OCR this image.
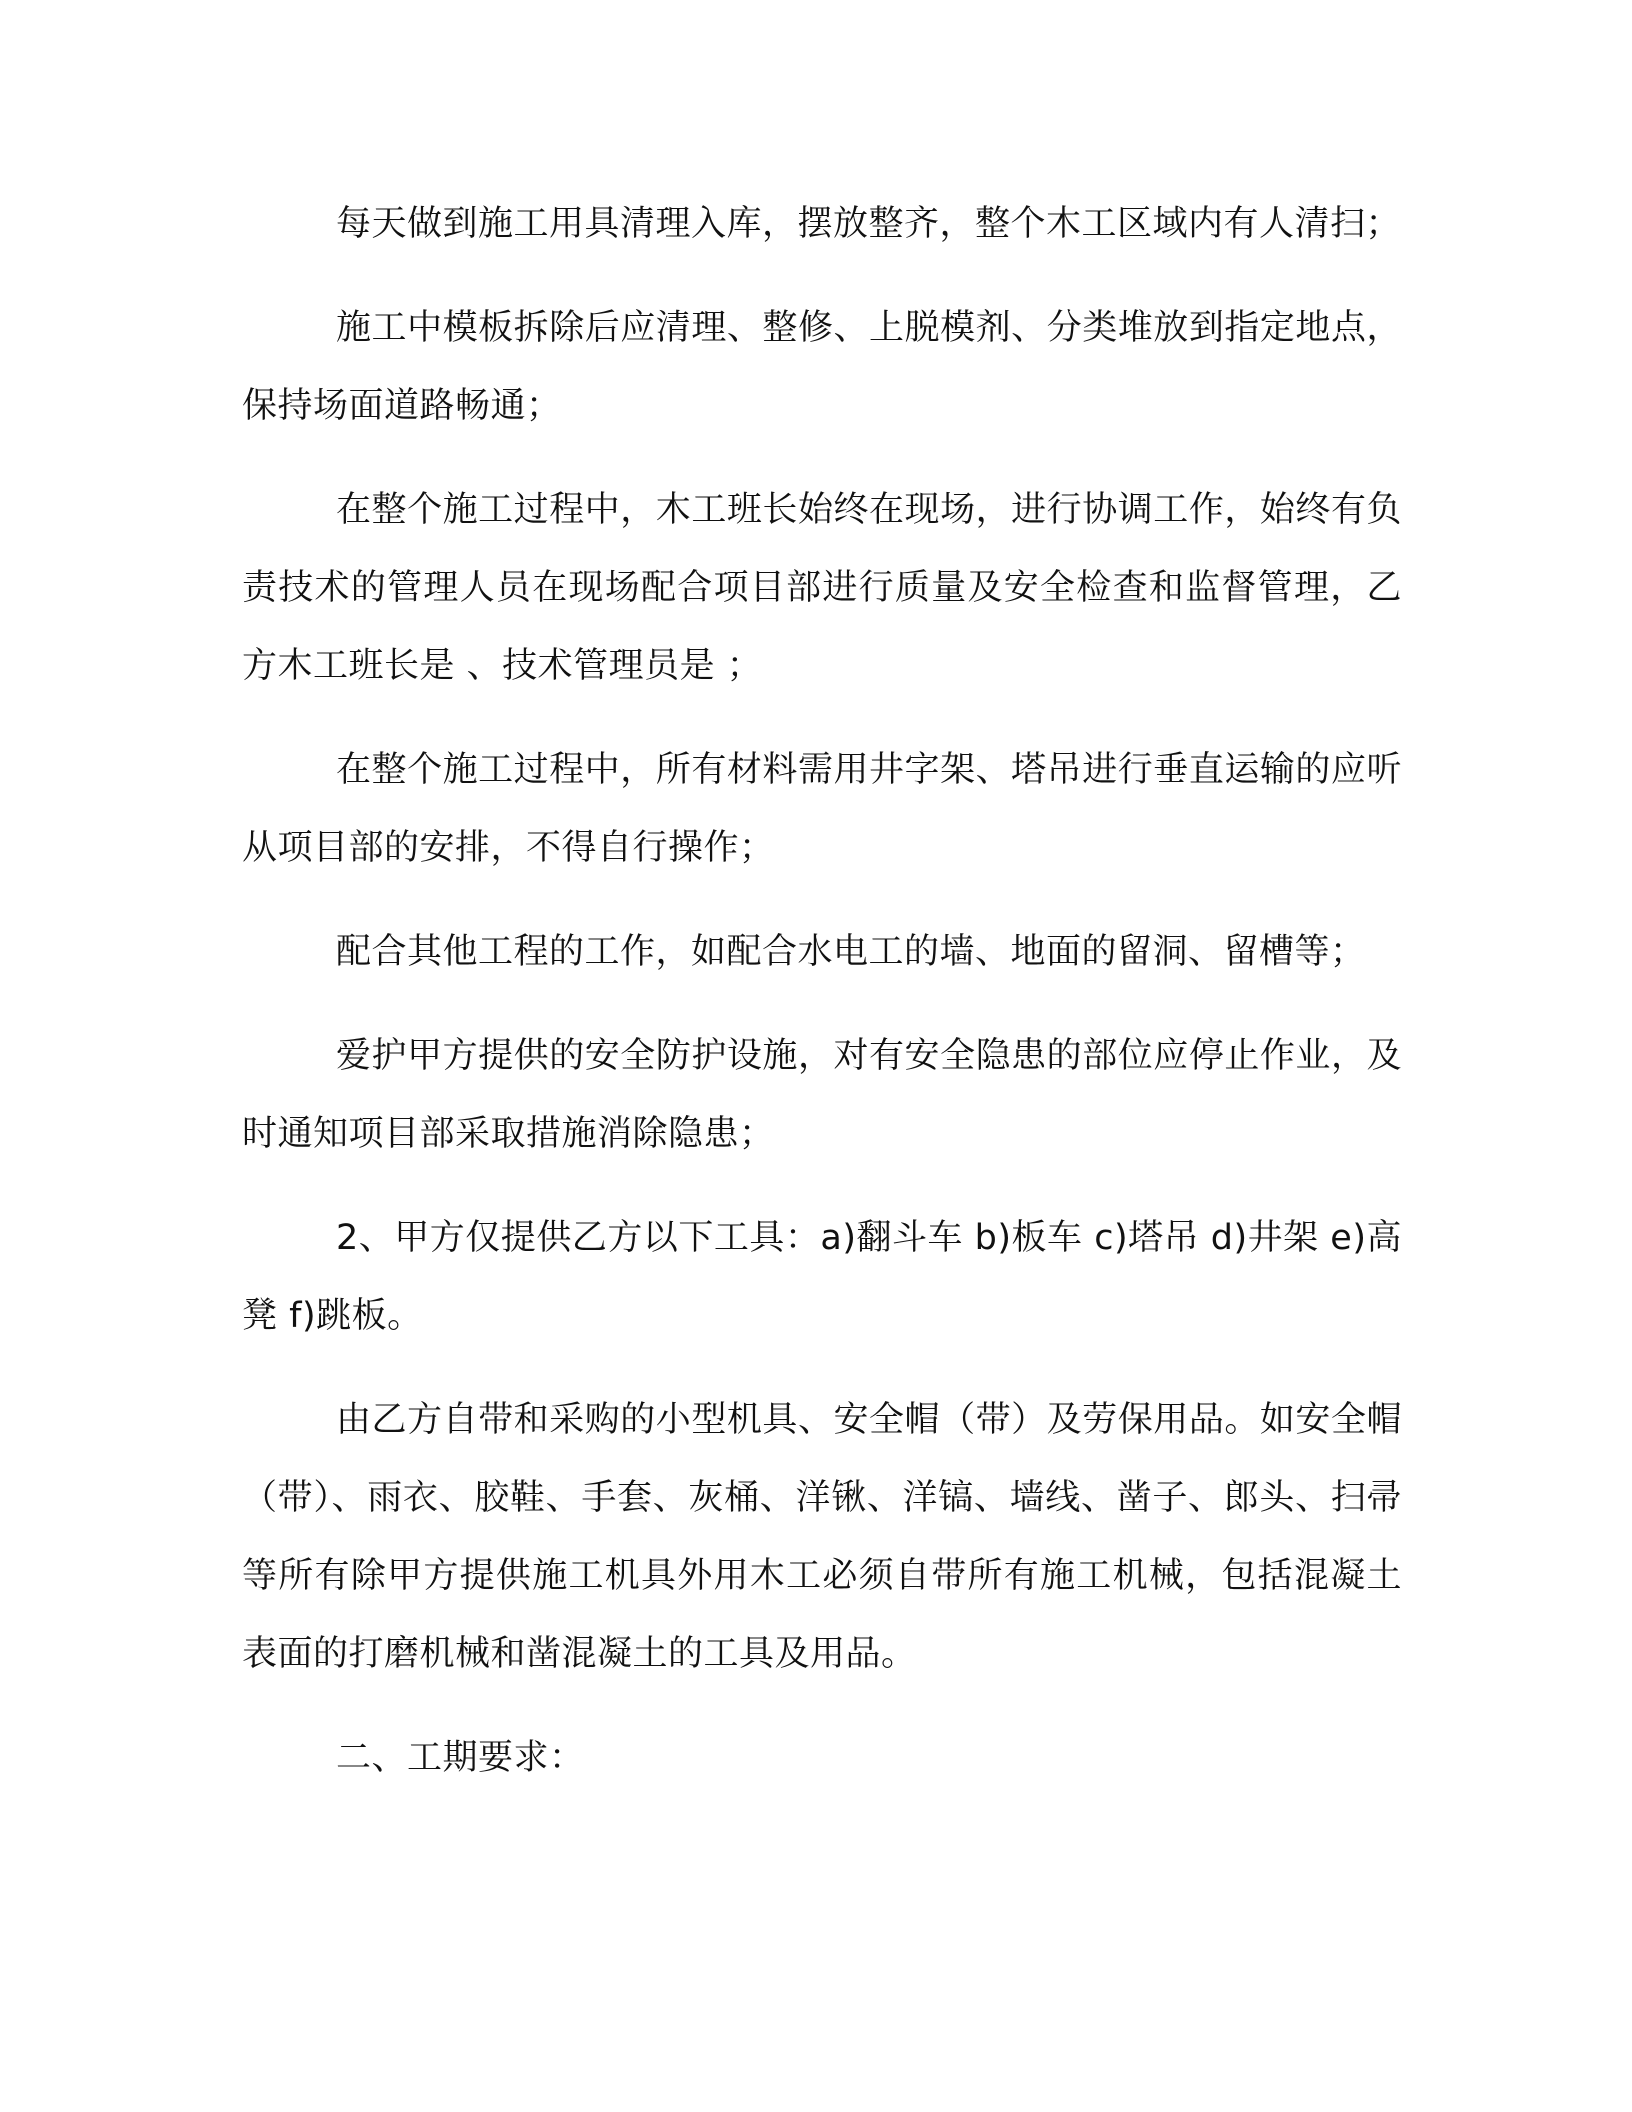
每天做到施工用具清理入库，摆放整齐，整个木工区域内有人清扫；

施工中模板拆除后应清理、整修、上脱模剂、分类堆放到指定地点，保持场面道路畅通；

在整个施工过程中，木工班长始终在现场，进行协调工作，始终有负责技术的管理人员在现场配合项目部进行质量及安全检查和监督管理，乙方木工班长是 、技术管理员是 ；

在整个施工过程中，所有材料需用井字架、塔吊进行垂直运输的应听从项目部的安排，不得自行操作；

配合其他工程的工作，如配合水电工的墙、地面的留洞、留槽等；

爱护甲方提供的安全防护设施，对有安全隐患的部位应停止作业，及时通知项目部采取措施消除隐患；

2、甲方仅提供乙方以下工具：a)翻斗车 b)板车 c)塔吊 d)井架 e)高凳 f)跳板。

由乙方自带和采购的小型机具、安全帽（带）及劳保用品。如安全帽（带）、雨衣、胶鞋、手套、灰桶、洋锹、洋镐、墙线、凿子、郎头、扫帚等所有除甲方提供施工机具外用木工必须自带所有施工机械，包括混凝土表面的打磨机械和凿混凝土的工具及用品。

二、工期要求：
